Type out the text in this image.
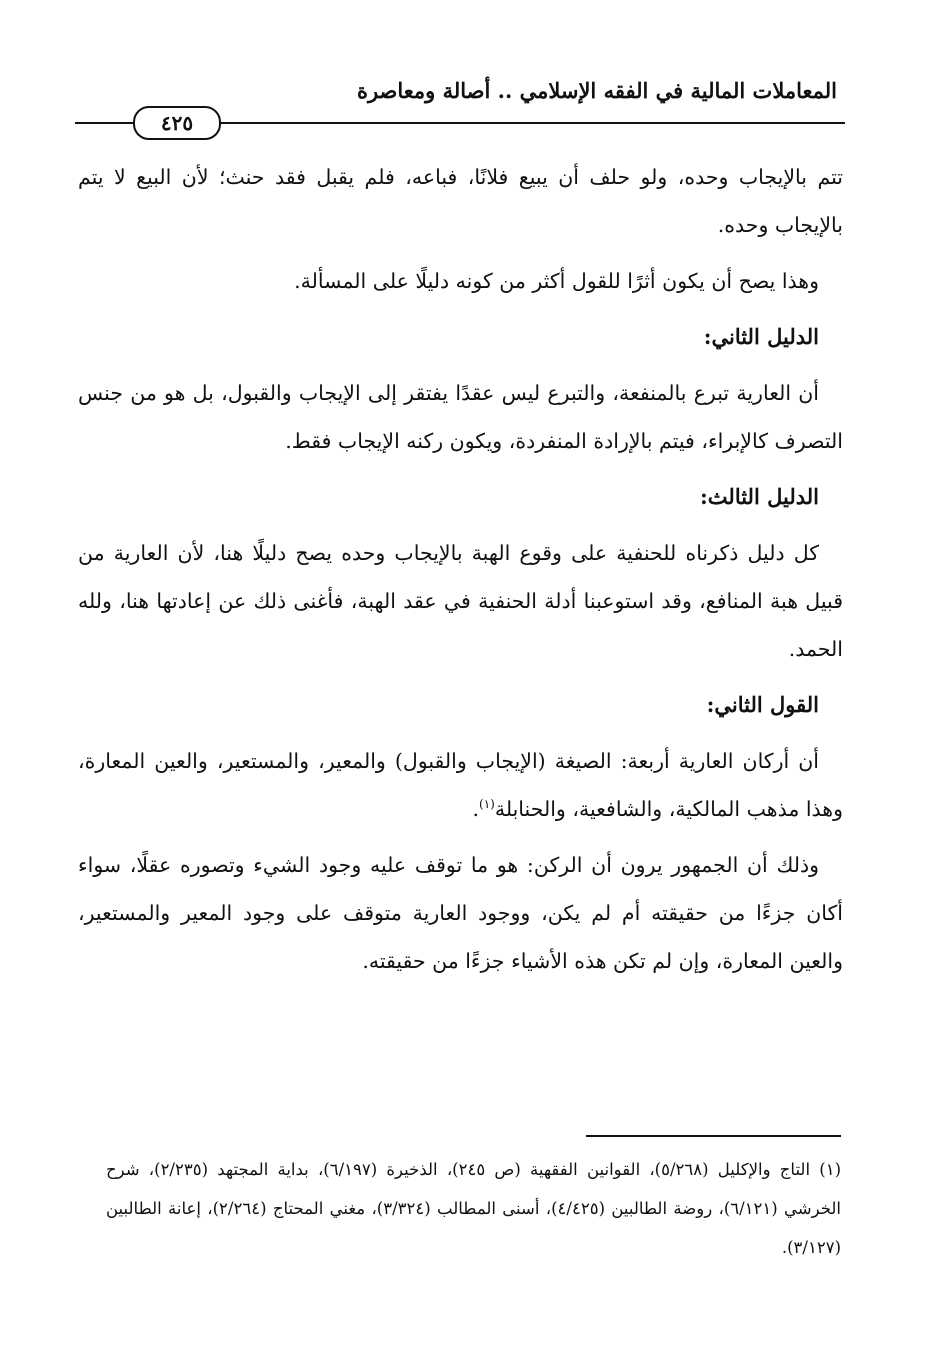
المعاملات المالية في الفقه الإسلامي .. أصالة ومعاصرة
٤٢٥

تتم بالإيجاب وحده، ولو حلف أن يبيع فلانًا، فباعه، فلم يقبل فقد حنث؛ لأن البيع لا يتم بالإيجاب وحده.

وهذا يصح أن يكون أثرًا للقول أكثر من كونه دليلًا على المسألة.

الدليل الثاني:

أن العارية تبرع بالمنفعة، والتبرع ليس عقدًا يفتقر إلى الإيجاب والقبول، بل هو من جنس التصرف كالإبراء، فيتم بالإرادة المنفردة، ويكون ركنه الإيجاب فقط.

الدليل الثالث:

كل دليل ذكرناه للحنفية على وقوع الهبة بالإيجاب وحده يصح دليلًا هنا، لأن العارية من قبيل هبة المنافع، وقد استوعبنا أدلة الحنفية في عقد الهبة، فأغنى ذلك عن إعادتها هنا، ولله الحمد.

القول الثاني:

أن أركان العارية أربعة: الصيغة (الإيجاب والقبول) والمعير، والمستعير، والعين المعارة، وهذا مذهب المالكية، والشافعية، والحنابلة$^{(١)}$.

وذلك أن الجمهور يرون أن الركن: هو ما توقف عليه وجود الشيء وتصوره عقلًا، سواء أكان جزءًا من حقيقته أم لم يكن، ووجود العارية متوقف على وجود المعير والمستعير، والعين المعارة، وإن لم تكن هذه الأشياء جزءًا من حقيقته.

(١) التاج والإكليل (٥/٢٦٨)، القوانين الفقهية (ص ٢٤٥)، الذخيرة (٦/١٩٧)، بداية المجتهد (٢/٢٣٥)، شرح الخرشي (٦/١٢١)، روضة الطالبين (٤/٤٢٥)، أسنى المطالب (٣/٣٢٤)، مغني المحتاج (٢/٢٦٤)، إعانة الطالبين (٣/١٢٧).
